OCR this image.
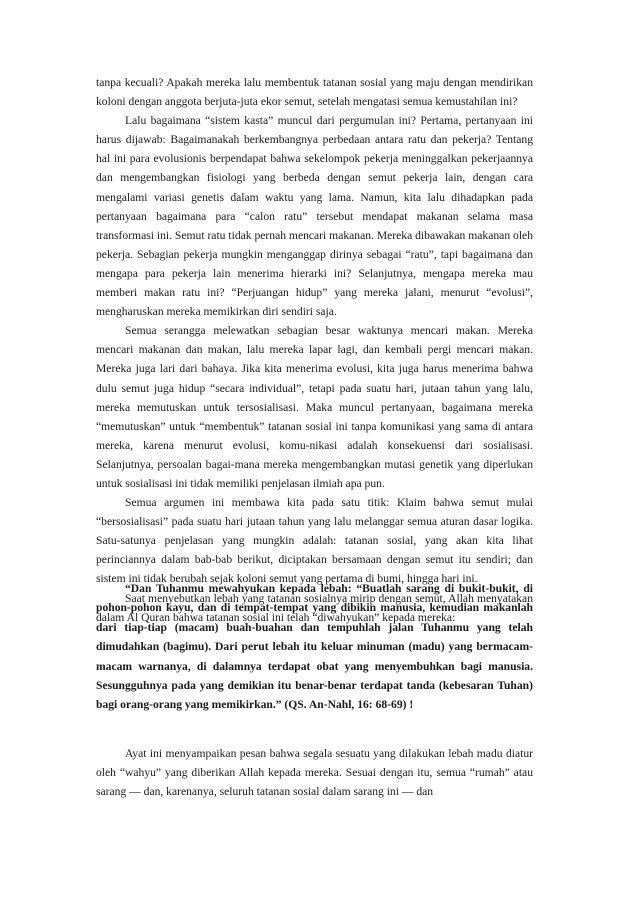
tanpa kecuali? Apakah mereka lalu membentuk tatanan sosial yang maju dengan mendirikan koloni dengan anggota berjuta-juta ekor semut, setelah mengatasi semua kemustahilan ini?

Lalu bagaimana “sistem kasta” muncul dari pergumulan ini? Pertama, pertanyaan ini harus dijawab: Bagaimanakah berkembangnya perbedaan antara ratu dan pekerja? Tentang hal ini para evolusionis berpendapat bahwa sekelompok pekerja meninggalkan pekerjaannya dan mengembangkan fisiologi yang berbeda dengan semut pekerja lain, dengan cara mengalami variasi genetis dalam waktu yang lama. Namun, kita lalu dihadapkan pada pertanyaan bagaimana para “calon ratu” tersebut mendapat makanan selama masa transformasi ini. Semut ratu tidak pernah mencari makanan. Mereka dibawakan makanan oleh pekerja. Sebagian pekerja mungkin menganggap dirinya sebagai “ratu”, tapi bagaimana dan mengapa para pekerja lain menerima hierarki ini? Selanjutnya, mengapa mereka mau memberi makan ratu ini? “Perjuangan hidup” yang mereka jalani, menurut “evolusi”, mengharuskan mereka memikirkan diri sendiri saja.

Semua serangga melewatkan sebagian besar waktunya mencari makan. Mereka mencari makanan dan makan, lalu mereka lapar lagi, dan kembali pergi mencari makan. Mereka juga lari dari bahaya. Jika kita menerima evolusi, kita juga harus menerima bahwa dulu semut juga hidup “secara individual”, tetapi pada suatu hari, jutaan tahun yang lalu, mereka memutuskan untuk tersosialisasi. Maka muncul pertanyaan, bagaimana mereka “memutuskan” untuk “membentuk” tatanan sosial ini tanpa komunikasi yang sama di antara mereka, karena menurut evolusi, komu-nikasi adalah konsekuensi dari sosialisasi. Selanjutnya, persoalan bagai-mana mereka mengembangkan mutasi genetik yang diperlukan untuk sosialisasi ini tidak memiliki penjelasan ilmiah apa pun.

Semua argumen ini membawa kita pada satu titik: Klaim bahwa semut mulai “bersosialisasi” pada suatu hari jutaan tahun yang lalu melanggar semua aturan dasar logika. Satu-satunya penjelasan yang mungkin adalah: tatanan sosial, yang akan kita lihat perinciannya dalam bab-bab berikut, diciptakan bersamaan dengan semut itu sendiri; dan sistem ini tidak berubah sejak koloni semut yang pertama di bumi, hingga hari ini.

Saat menyebutkan lebah yang tatanan sosialnya mirip dengan semut, Allah menyatakan dalam Al Quran bahwa tatanan sosial ini telah “diwahyukan” kepada mereka:

“Dan Tuhanmu mewahyukan kepada lebah: “Buatlah sarang di bukit-bukit, di pohon-pohon kayu, dan di tempat-tempat yang dibikin manusia, kemudian makanlah dari tiap-tiap (macam) buah-buahan dan tempuhlah jalan Tuhanmu yang telah dimudahkan (bagimu). Dari perut lebah itu keluar minuman (madu) yang bermacam-macam warnanya, di dalamnya terdapat obat yang menyembuhkan bagi manusia. Sesungguhnya pada yang demikian itu benar-benar terdapat tanda (kebesaran Tuhan) bagi orang-orang yang memikirkan.” (QS. An-Nahl, 16: 68-69) !

Ayat ini menyampaikan pesan bahwa segala sesuatu yang dilakukan lebah madu diatur oleh “wahyu” yang diberikan Allah kepada mereka. Sesuai dengan itu, semua “rumah” atau sarang — dan, karenanya, seluruh tatanan sosial dalam sarang ini — dan
